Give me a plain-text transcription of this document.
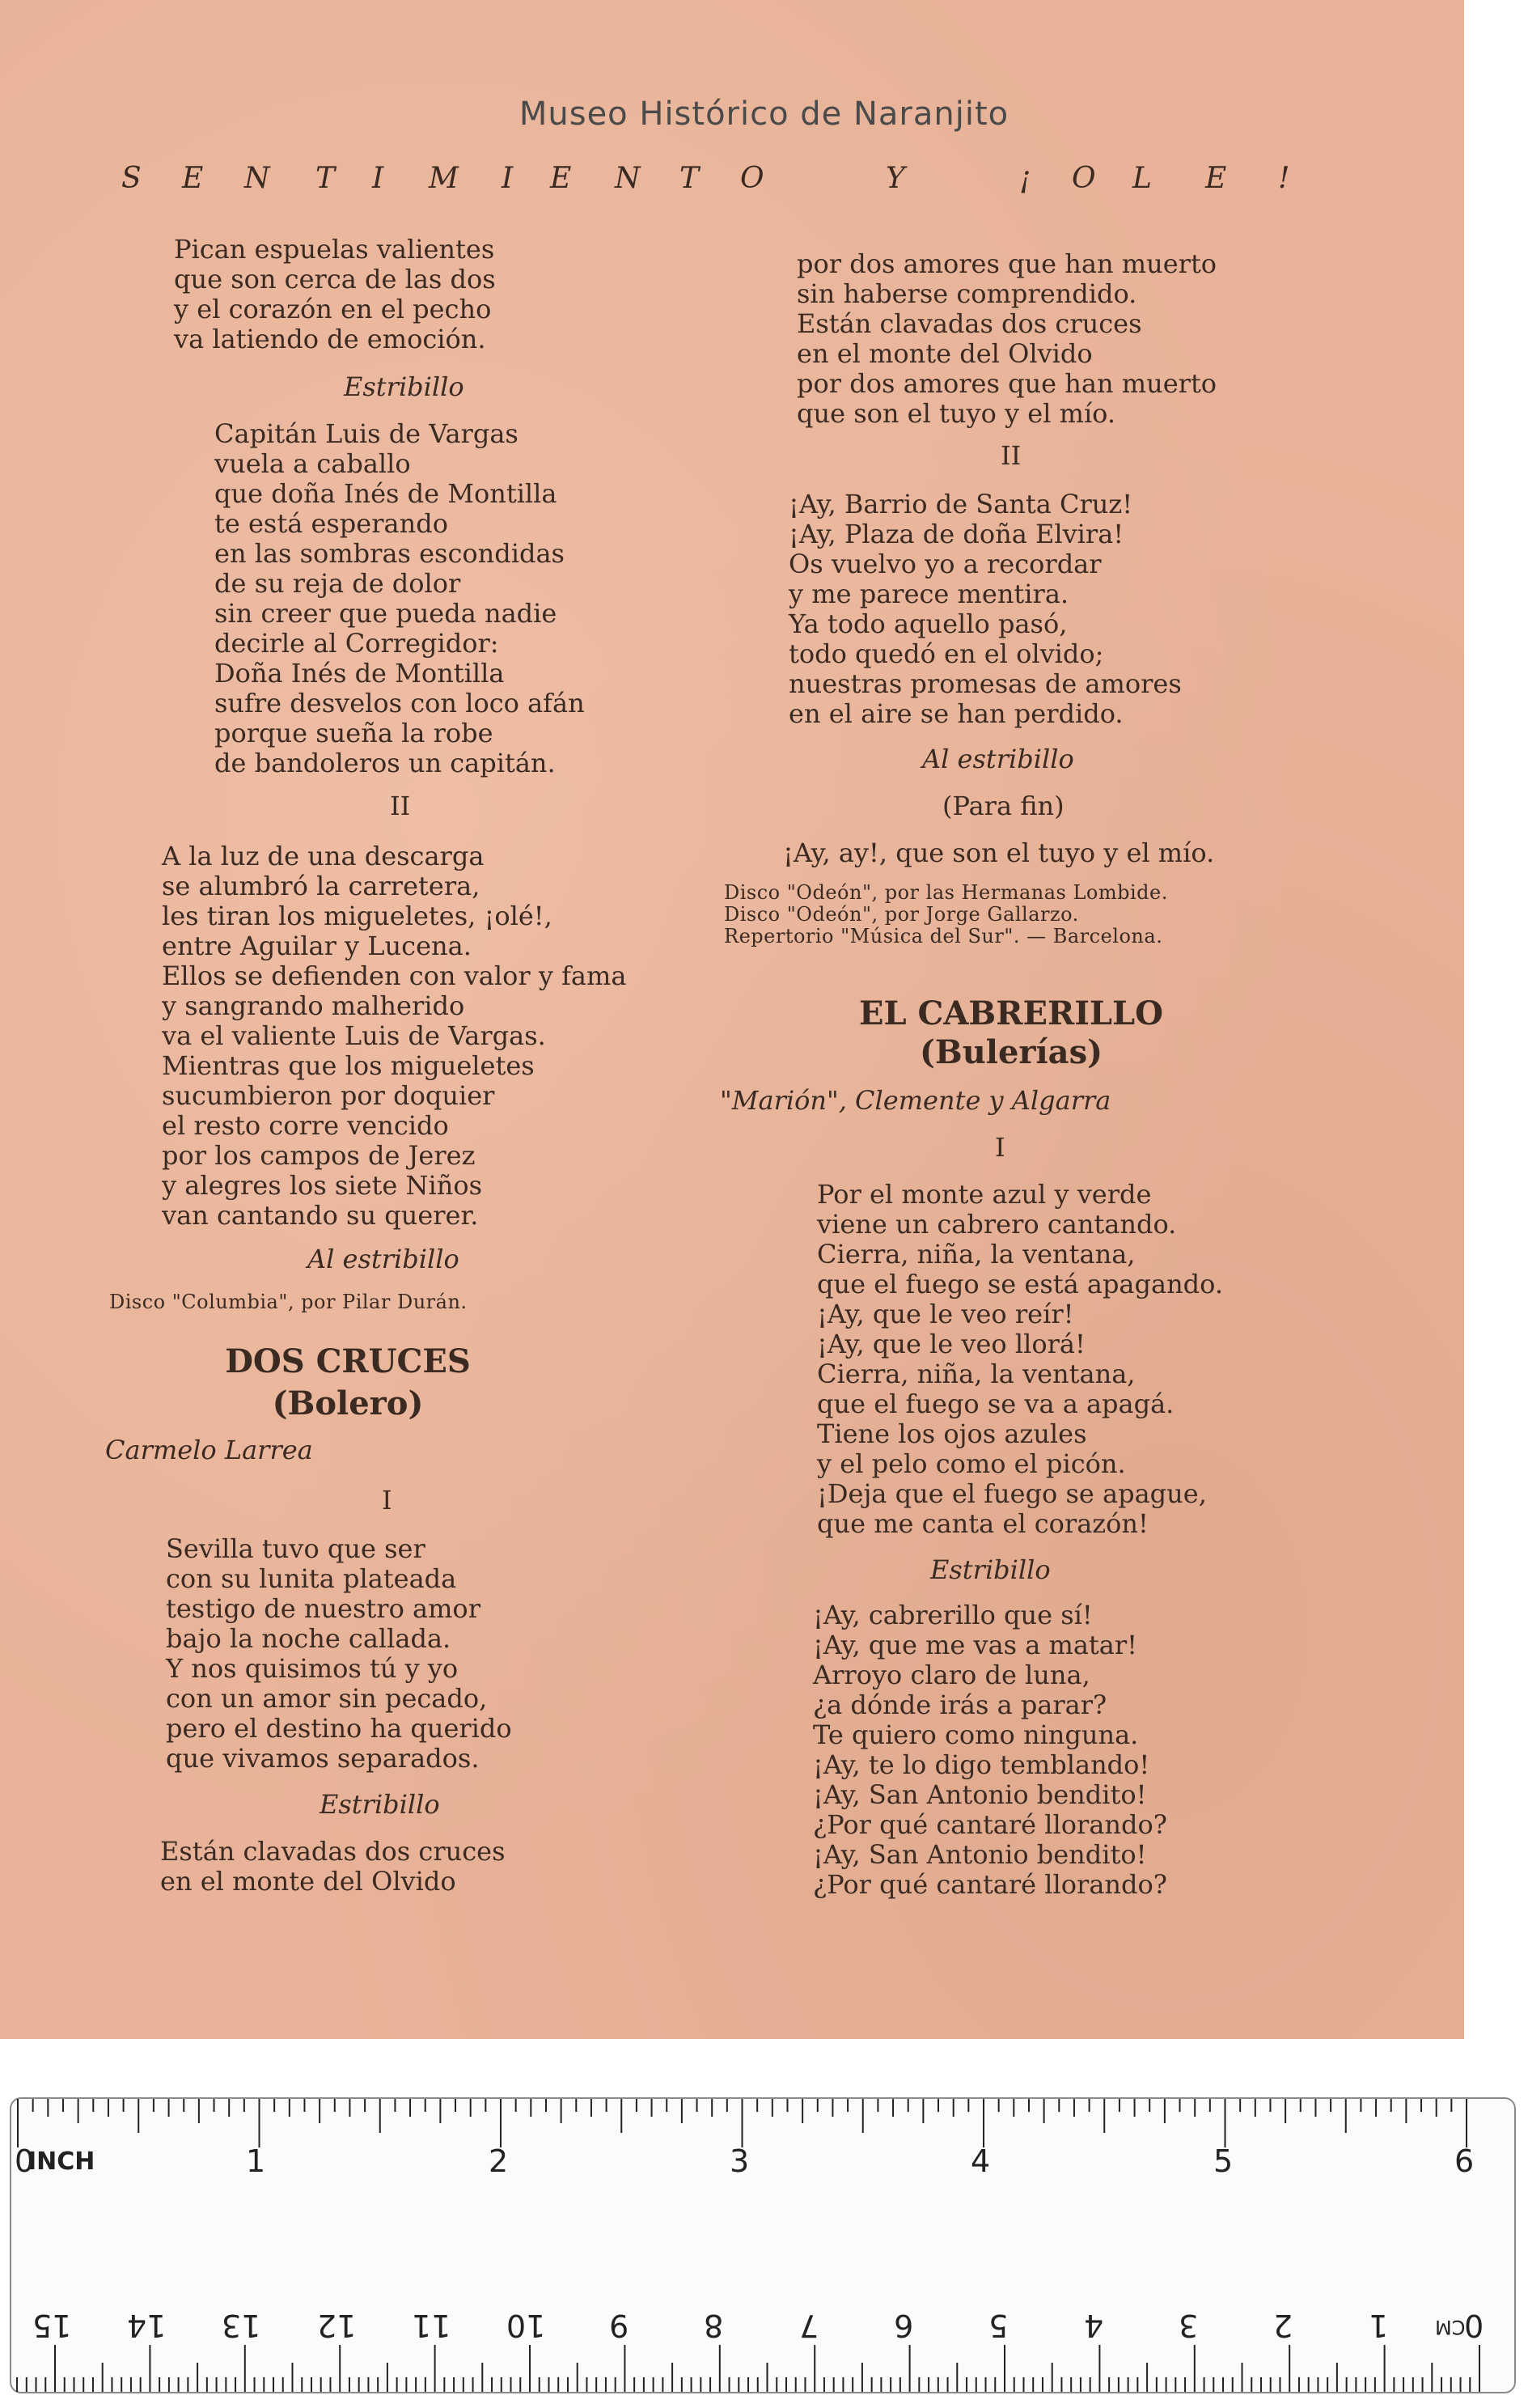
Museo Histórico de Naranjito
S E N T I M I E N T O	Y	¡ O L E !
Pican espuelas valientes
que son cerca de las dos
y el corazón en el pecho
va latiendo de emoción.
Estribillo
Capitán Luis de Vargas
vuela a caballo
que doña Inés de Montilla
te está esperando
en las sombras escondidas
de su reja de dolor
sin creer que pueda nadie
decirle al Corregidor:
Doña Inés de Montilla
sufre desvelos con loco afán
porque sueña la robe
de bandoleros un capitán.
II
A la luz de una descarga
se alumbró la carretera,
les tiran los migueletes, ¡olé!,
entre Aguilar y Lucena.
Ellos se defienden con valor y fama
y sangrando malherido
va el valiente Luis de Vargas.
Mientras que los migueletes
sucumbieron por doquier
el resto corre vencido
por los campos de Jerez
y alegres los siete Niños
van cantando su querer.
Al estribillo
Disco "Columbia", por Pilar Durán.
DOS CRUCES
(Bolero)
Carmelo Larrea
I
Sevilla tuvo que ser
con su lunita plateada
testigo de nuestro amor
bajo la noche callada.
Y nos quisimos tú y yo
con un amor sin pecado,
pero el destino ha querido
que vivamos separados.
Estribillo
Están clavadas dos cruces
en el monte del Olvido
por dos amores que han muerto
sin haberse comprendido.
Están clavadas dos cruces
en el monte del Olvido
por dos amores que han muerto
que son el tuyo y el mío.
II
¡Ay, Barrio de Santa Cruz!
¡Ay, Plaza de doña Elvira!
Os vuelvo yo a recordar
y me parece mentira.
Ya todo aquello pasó,
todo quedó en el olvido;
nuestras promesas de amores
en el aire se han perdido.
Al estribillo
(Para fin)
¡Ay, ay!, que son el tuyo y el mío.
Disco "Odeón", por las Hermanas Lombide.
Disco "Odeón", por Jorge Gallarzo.
Repertorio "Música del Sur". — Barcelona.
EL CABRERILLO
(Bulerías)
"Marión", Clemente y Algarra
I
Por el monte azul y verde
viene un cabrero cantando.
Cierra, niña, la ventana,
que el fuego se está apagando.
¡Ay, que le veo reír!
¡Ay, que le veo llorá!
Cierra, niña, la ventana,
que el fuego se va a apagá.
Tiene los ojos azules
y el pelo como el picón.
¡Deja que el fuego se apague,
que me canta el corazón!
Estribillo
¡Ay, cabrerillo que sí!
¡Ay, que me vas a matar!
Arroyo claro de luna,
¿a dónde irás a parar?
Te quiero como ninguna.
¡Ay, te lo digo temblando!
¡Ay, San Antonio bendito!
¿Por qué cantaré llorando?
¡Ay, San Antonio bendito!
¿Por qué cantaré llorando?
INCH
0	1	2	3	4	5	6
CM
0
1
2
3
4
5
6
7
8
9
10
11
12
13
14
15
